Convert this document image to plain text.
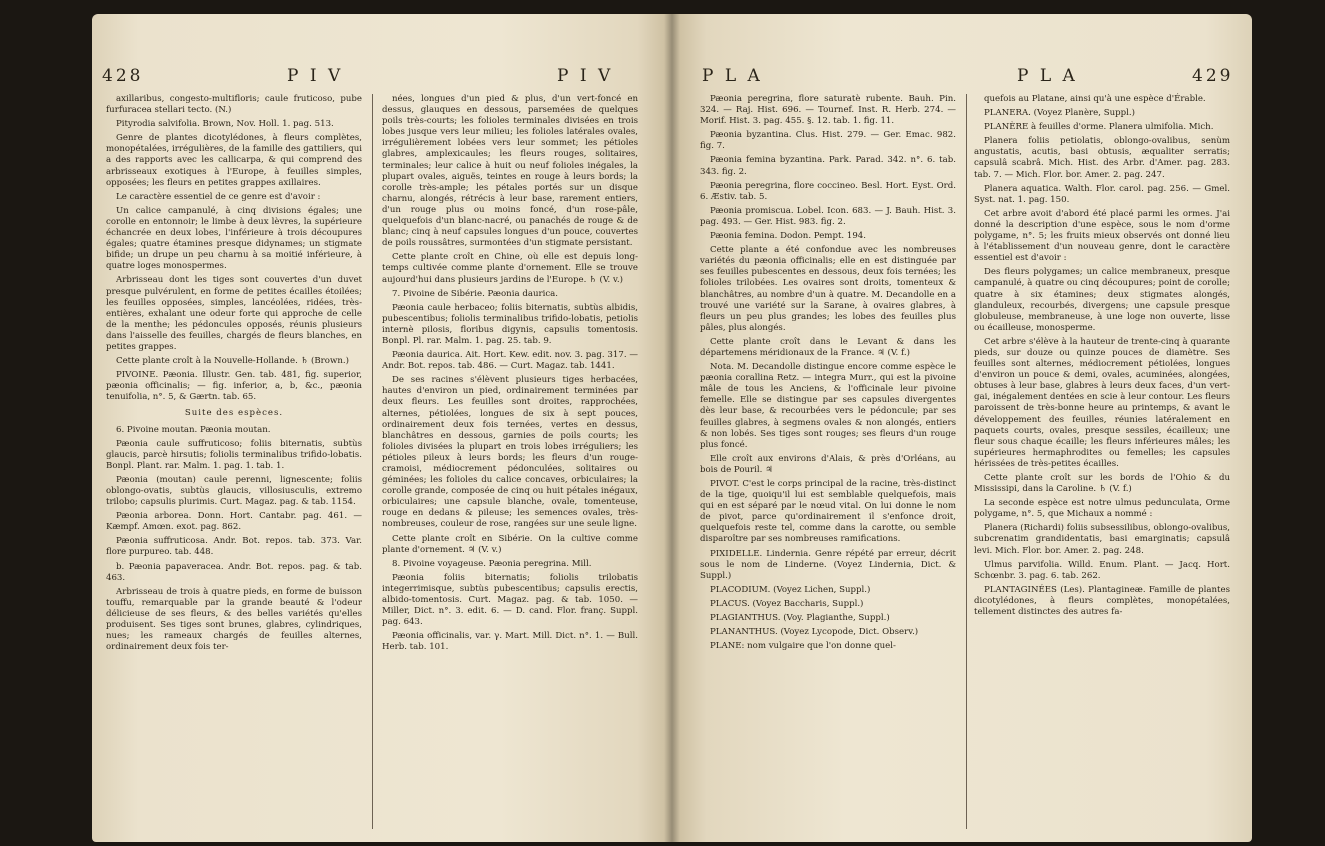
428	P I V	P I V

axillaribus, congesto-multifloris; caule fruticoso, pube furfuracea stellari tecto. (N.)

Pityrodia salvifolia. Brown, Nov. Holl. 1. pag. 513.

Genre de plantes dicotylédones, à fleurs complètes, monopétalées, irrégulières, de la famille des gattiliers, qui a des rapports avec les callicarpa, & qui comprend des arbrisseaux exotiques à l'Europe, à feuilles simples, opposées; les fleurs en petites grappes axillaires.

Le caractère essentiel de ce genre est d'avoir :

Un calice campanulé, à cinq divisions égales; une corolle en entonnoir; le limbe à deux lèvres, la supérieure échancrée en deux lobes, l'inférieure à trois découpures égales; quatre étamines presque didynames; un stigmate bifide; un drupe un peu charnu à sa moitié inférieure, à quatre loges monospermes.

Arbrisseau dont les tiges sont couvertes d'un duvet presque pulvérulent, en forme de petites écailles étoilées; les feuilles opposées, simples, lancéolées, ridées, très-entières, exhalant une odeur forte qui approche de celle de la menthe; les pédoncules opposés, réunis plusieurs dans l'aisselle des feuilles, chargés de fleurs blanches, en petites grappes.

Cette plante croît à la Nouvelle-Hollande. ♄ (Brown.)

PIVOINE. Pæonia. Illustr. Gen. tab. 481, fig. superior, pæonia officinalis; — fig. inferior, a, b, &c., pæonia tenuifolia, n°. 5, & Gærtn. tab. 65.

Suite des espèces.

6. Pivoine moutan. Pæonia moutan.

Pæonia caule suffruticoso; foliis biternatis, subtùs glaucis, parcè hirsutis; foliolis terminalibus trifido-lobatis. Bonpl. Plant. rar. Malm. 1. pag. 1. tab. 1.

Pæonia (moutan) caule perenni, lignescente; foliis oblongo-ovatis, subtùs glaucis, villosiusculis, extremo trilobo; capsulis plurimis. Curt. Magaz. pag. & tab. 1154.

Pæonia arborea. Donn. Hort. Cantabr. pag. 461. — Kæmpf. Amœn. exot. pag. 862.

Pæonia suffruticosa. Andr. Bot. repos. tab. 373. Var. flore purpureo. tab. 448.

b. Pæonia papaveracea. Andr. Bot. repos. pag. & tab. 463.

Arbrisseau de trois à quatre pieds, en forme de buisson touffu, remarquable par la grande beauté & l'odeur délicieuse de ses fleurs, & des belles variétés qu'elles produisent. Ses tiges sont brunes, glabres, cylindriques, nues; les rameaux chargés de feuilles alternes, ordinairement deux fois ter-

nées, longues d'un pied & plus, d'un vert-foncé en dessus, glauques en dessous, parsemées de quelques poils très-courts; les folioles terminales divisées en trois lobes jusque vers leur milieu; les folioles latérales ovales, irrégulièrement lobées vers leur sommet; les pétioles glabres, amplexicaules; les fleurs rouges, solitaires, terminales; leur calice à huit ou neuf folioles inégales, la plupart ovales, aiguës, teintes en rouge à leurs bords; la corolle très-ample; les pétales portés sur un disque charnu, alongés, rétrécis à leur base, rarement entiers, d'un rouge plus ou moins foncé, d'un rose-pâle, quelquefois d'un blanc-nacré, ou panachés de rouge & de blanc; cinq à neuf capsules longues d'un pouce, couvertes de poils roussâtres, surmontées d'un stigmate persistant.

Cette plante croît en Chine, où elle est depuis long-temps cultivée comme plante d'ornement. Elle se trouve aujourd'hui dans plusieurs jardins de l'Europe. ♄ (V. v.)

7. Pivoine de Sibérie. Pæonia daurica.

Pæonia caule herbaceo; foliis biternatis, subtùs albidis, pubescentibus; foliolis terminalibus trifido-lobatis, petiolis internè pilosis, floribus digynis, capsulis tomentosis. Bonpl. Pl. rar. Malm. 1. pag. 25. tab. 9.

Pæonia daurica. Ait. Hort. Kew. edit. nov. 3. pag. 317. — Andr. Bot. repos. tab. 486. — Curt. Magaz. tab. 1441.

De ses racines s'élèvent plusieurs tiges herbacées, hautes d'environ un pied, ordinairement terminées par deux fleurs. Les feuilles sont droites, rapprochées, alternes, pétiolées, longues de six à sept pouces, ordinairement deux fois ternées, vertes en dessus, blanchâtres en dessous, garnies de poils courts; les folioles divisées la plupart en trois lobes irréguliers; les pétioles pileux à leurs bords; les fleurs d'un rouge-cramoisi, médiocrement pédonculées, solitaires ou géminées; les folioles du calice concaves, orbiculaires; la corolle grande, composée de cinq ou huit pétales inégaux, orbiculaires; une capsule blanche, ovale, tomenteuse, rouge en dedans & pileuse; les semences ovales, très-nombreuses, couleur de rose, rangées sur une seule ligne.

Cette plante croît en Sibérie. On la cultive comme plante d'ornement. ♃ (V. v.)

8. Pivoine voyageuse. Pæonia peregrina. Mill.

Pæonia foliis biternatis; foliolis trilobatis integerrimisque, subtùs pubescentibus; capsulis erectis, albido-tomentosis. Curt. Magaz. pag. & tab. 1050. — Miller, Dict. n°. 3. edit. 6. — D. cand. Flor. franç. Suppl. pag. 643.

Pæonia officinalis, var. γ. Mart. Mill. Dict. n°. 1. — Bull. Herb. tab. 101.

P L A	P L A	429

Pæonia peregrina, flore saturatè rubente. Bauh. Pin. 324. — Raj. Hist. 696. — Tournef. Inst. R. Herb. 274. — Morif. Hist. 3. pag. 455. §. 12. tab. 1. fig. 11.

Pæonia byzantina. Clus. Hist. 279. — Ger. Emac. 982. fig. 7.

Pæonia femina byzantina. Park. Parad. 342. n°. 6. tab. 343. fig. 2.

Pæonia peregrina, flore coccineo. Besl. Hort. Eyst. Ord. 6. Æstiv. tab. 5.

Pæonia promiscua. Lobel. Icon. 683. — J. Bauh. Hist. 3. pag. 493. — Ger. Hist. 983. fig. 2.

Pæonia femina. Dodon. Pempt. 194.

Cette plante a été confondue avec les nombreuses variétés du pæonia officinalis; elle en est distinguée par ses feuilles pubescentes en dessous, deux fois ternées; les folioles trilobées. Les ovaires sont droits, tomenteux & blanchâtres, au nombre d'un à quatre. M. Decandolle en a trouvé une variété sur la Sarane, à ovaires glabres, à fleurs un peu plus grandes; les lobes des feuilles plus pâles, plus alongés.

Cette plante croît dans le Levant & dans les départemens méridionaux de la France. ♃ (V. f.)

Nota. M. Decandolle distingue encore comme espèce le pæonia corallina Retz. — integra Murr., qui est la pivoine mâle de tous les Anciens, & l'officinale leur pivoine femelle. Elle se distingue par ses capsules divergentes dès leur base, & recourbées vers le pédoncule; par ses feuilles glabres, à segmens ovales & non alongés, entiers & non lobés. Ses tiges sont rouges; ses fleurs d'un rouge plus foncé.

Elle croît aux environs d'Alais, & près d'Orléans, au bois de Pouril. ♃

PIVOT. C'est le corps principal de la racine, très-distinct de la tige, quoiqu'il lui est semblable quelquefois, mais qui en est séparé par le nœud vital. On lui donne le nom de pivot, parce qu'ordinairement il s'enfonce droit, quelquefois reste tel, comme dans la carotte, ou semble disparoître par ses nombreuses ramifications.

PIXIDELLE. Lindernia. Genre répété par erreur, décrit sous le nom de Linderne. (Voyez Lindernia, Dict. & Suppl.)

PLACODIUM. (Voyez Lichen, Suppl.)

PLACUS. (Voyez Baccharis, Suppl.)

PLAGIANTHUS. (Voy. Plagianthe, Suppl.)

PLANANTHUS. (Voyez Lycopode, Dict. Observ.)

PLANE: nom vulgaire que l'on donne quel-

quefois au Platane, ainsi qu'à une espèce d'Érable.

PLANERA. (Voyez Planère, Suppl.)

PLANÈRE à feuilles d'orme. Planera ulmifolia. Mich.

Planera foliis petiolatis, oblongo-ovalibus, senùm angustatis, acutis, basi obtusis, æqualiter serratis; capsulâ scabrâ. Mich. Hist. des Arbr. d'Amer. pag. 283. tab. 7. — Mich. Flor. bor. Amer. 2. pag. 247.

Planera aquatica. Walth. Flor. carol. pag. 256. — Gmel. Syst. nat. 1. pag. 150.

Cet arbre avoit d'abord été placé parmi les ormes. J'ai donné la description d'une espèce, sous le nom d'orme polygame, n°. 5; les fruits mieux observés ont donné lieu à l'établissement d'un nouveau genre, dont le caractère essentiel est d'avoir :

Des fleurs polygames; un calice membraneux, presque campanulé, à quatre ou cinq découpures; point de corolle; quatre à six étamines; deux stigmates alongés, glanduleux, recourbés, divergens; une capsule presque globuleuse, membraneuse, à une loge non ouverte, lisse ou écailleuse, monosperme.

Cet arbre s'élève à la hauteur de trente-cinq à quarante pieds, sur douze ou quinze pouces de diamètre. Ses feuilles sont alternes, médiocrement pétiolées, longues d'environ un pouce & demi, ovales, acuminées, alongées, obtuses à leur base, glabres à leurs deux faces, d'un vert-gai, inégalement dentées en scie à leur contour. Les fleurs paroissent de très-bonne heure au printemps, & avant le développement des feuilles, réunies latéralement en paquets courts, ovales, presque sessiles, écailleux; une fleur sous chaque écaille; les fleurs inférieures mâles; les supérieures hermaphrodites ou femelles; les capsules hérissées de très-petites écailles.

Cette plante croît sur les bords de l'Ohio & du Mississipi, dans la Caroline. ♄ (V. f.)

La seconde espèce est notre ulmus pedunculata, Orme polygame, n°. 5, que Michaux a nommé :

Planera (Richardi) foliis subsessilibus, oblongo-ovalibus, subcrenatim grandidentatis, basi emarginatis; capsulâ levi. Mich. Flor. bor. Amer. 2. pag. 248.

Ulmus parvifolia. Willd. Enum. Plant. — Jacq. Hort. Schœnbr. 3. pag. 6. tab. 262.

PLANTAGINÉES (Les). Plantagineæ. Famille de plantes dicotylédones, à fleurs complètes, monopétalées, tellement distinctes des autres fa-
